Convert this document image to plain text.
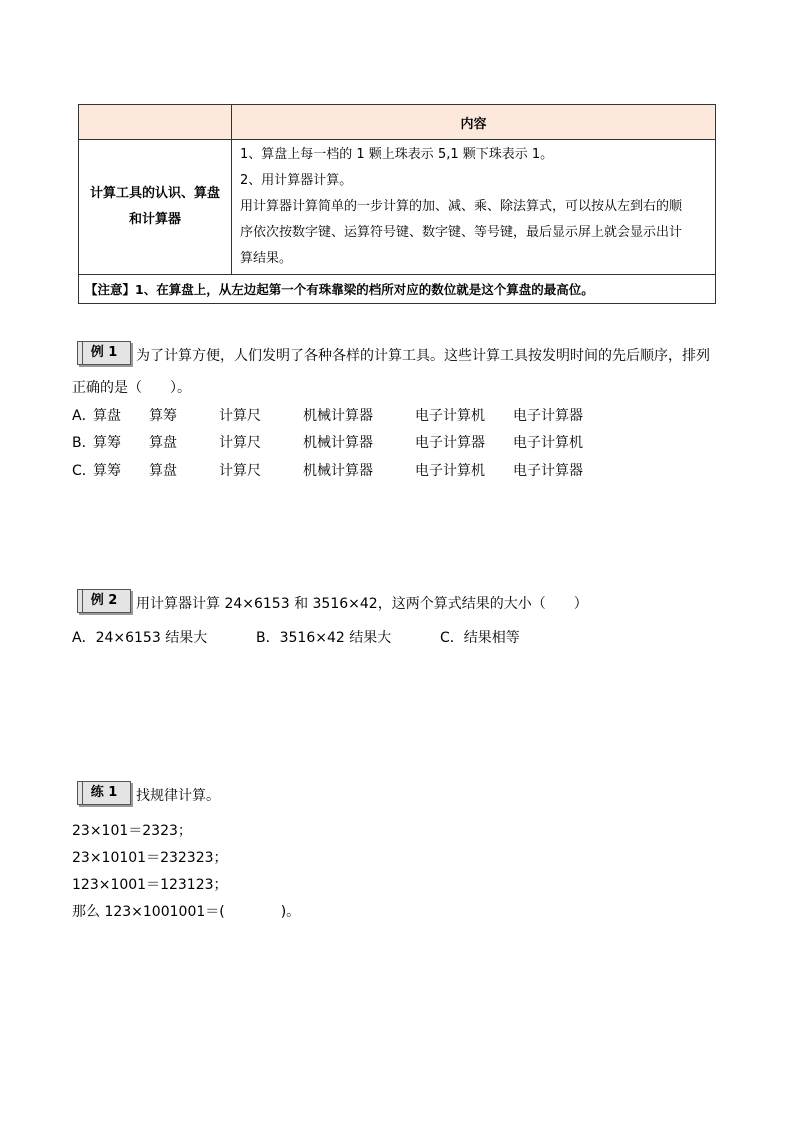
	内容
计算工具的认识、算盘和计算器	1、算盘上每一档的 1 颗上珠表示 5,1 颗下珠表示 1。
2、用计算器计算。
用计算器计算简单的一步计算的加、减、乘、除法算式，可以按从左到右的顺
序依次按数字键、运算符号键、数字键、等号键，最后显示屏上就会显示出计
算结果。

【注意】1、在算盘上，从左边起第一个有珠靠梁的档所对应的数位就是这个算盘的最高位。	
例 1	为了计算方便，人们发明了各种各样的计算工具。这些计算工具按发明时间的先后顺序，排列
正确的是（　　）。
A．
算盘 算筹	计算尺	机械计算器	电子计算机 电子计算器
B．
算筹 算盘	计算尺	机械计算器	电子计算器 电子计算机
C．
算筹 算盘	计算尺	机械计算器	电子计算机 电子计算器
例 2	用计算器计算 24×6153 和 3516×42，这两个算式结果的大小（　　）
A．24×6153 结果大	B．3516×42 结果大	C．结果相等
练 1	找规律计算。
23×101＝2323；
23×10101＝232323；
123×1001＝123123；
那么 123×1001001＝(　　　　)。
